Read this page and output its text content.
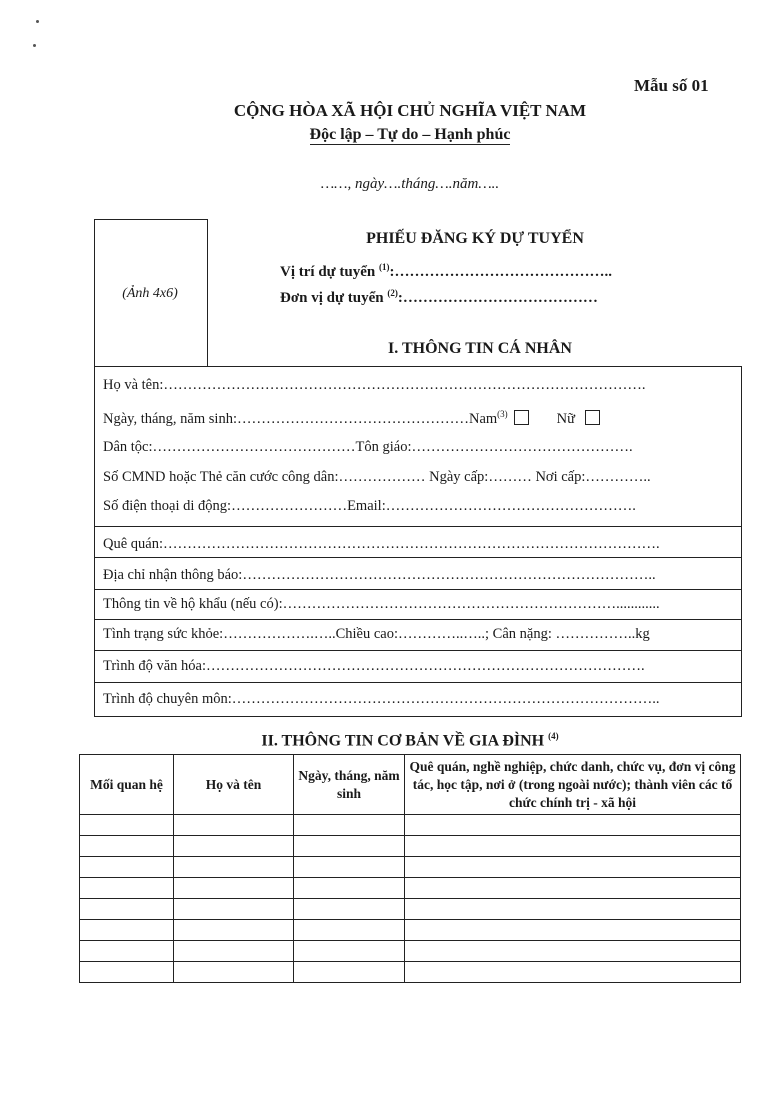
Mẫu số 01
CỘNG HÒA XÃ HỘI CHỦ NGHĨA VIỆT NAM
Độc lập – Tự do – Hạnh phúc
……, ngày….tháng….năm…..
(Ảnh 4x6)
PHIẾU ĐĂNG KÝ DỰ TUYỂN
Vị trí dự tuyển $^{(1)}$:……………………………………..
Đơn vị dự tuyển $^{(2)}$:…………………………………
I. THÔNG TIN CÁ NHÂN
Họ và tên:……………………………………………………………………………………….
Ngày, tháng, năm sinh:…………………………………………Nam$^{(3)}$	Nữ
Dân tộc:……………………………………Tôn giáo:……………………………………….
Số CMND hoặc Thẻ căn cước công dân:……………… Ngày cấp:……… Nơi cấp:…………..
Số điện thoại di động:……………………Email:…………………………………………….
Quê quán:………………………………………………………………………………………….
Địa chỉ nhận thông báo:…………………………………………………………………………..
Thông tin về hộ khẩu (nếu có):……………………………………………………………............
Tình trạng sức khỏe:……………….…..Chiều cao:…………..…..; Cân nặng: ……………..kg
Trình độ văn hóa:……………………………………………………………………………….
Trình độ chuyên môn:……………………………………………………………………………..
II. THÔNG TIN CƠ BẢN VỀ GIA ĐÌNH $^{(4)}$
Mối quan hệ	Họ và tên	Ngày, tháng, năm sinh	Quê quán, nghề nghiệp, chức danh, chức vụ, đơn vị công tác, học tập, nơi ở (trong ngoài nước); thành viên các tổ chức chính trị - xã hội
